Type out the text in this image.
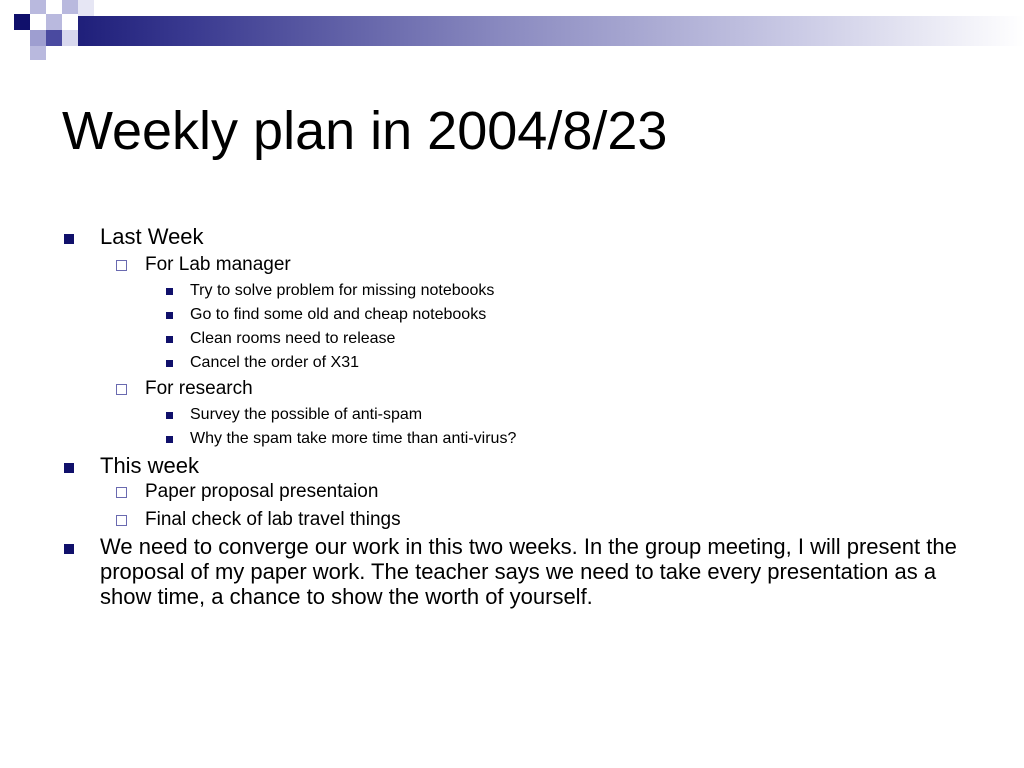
Weekly plan in 2004/8/23
Last Week
For Lab manager
Try to solve problem for missing notebooks
Go to find some old and cheap notebooks
Clean rooms need to release
Cancel the order of X31
For research
Survey the possible of anti-spam
Why the spam take more time than anti-virus?
This week
Paper proposal presentaion
Final check of lab travel things
We need to converge our work in this two weeks. In the group meeting, I will present the proposal of my paper work. The teacher says we need to take every presentation as a show time, a chance to show the worth of yourself.
